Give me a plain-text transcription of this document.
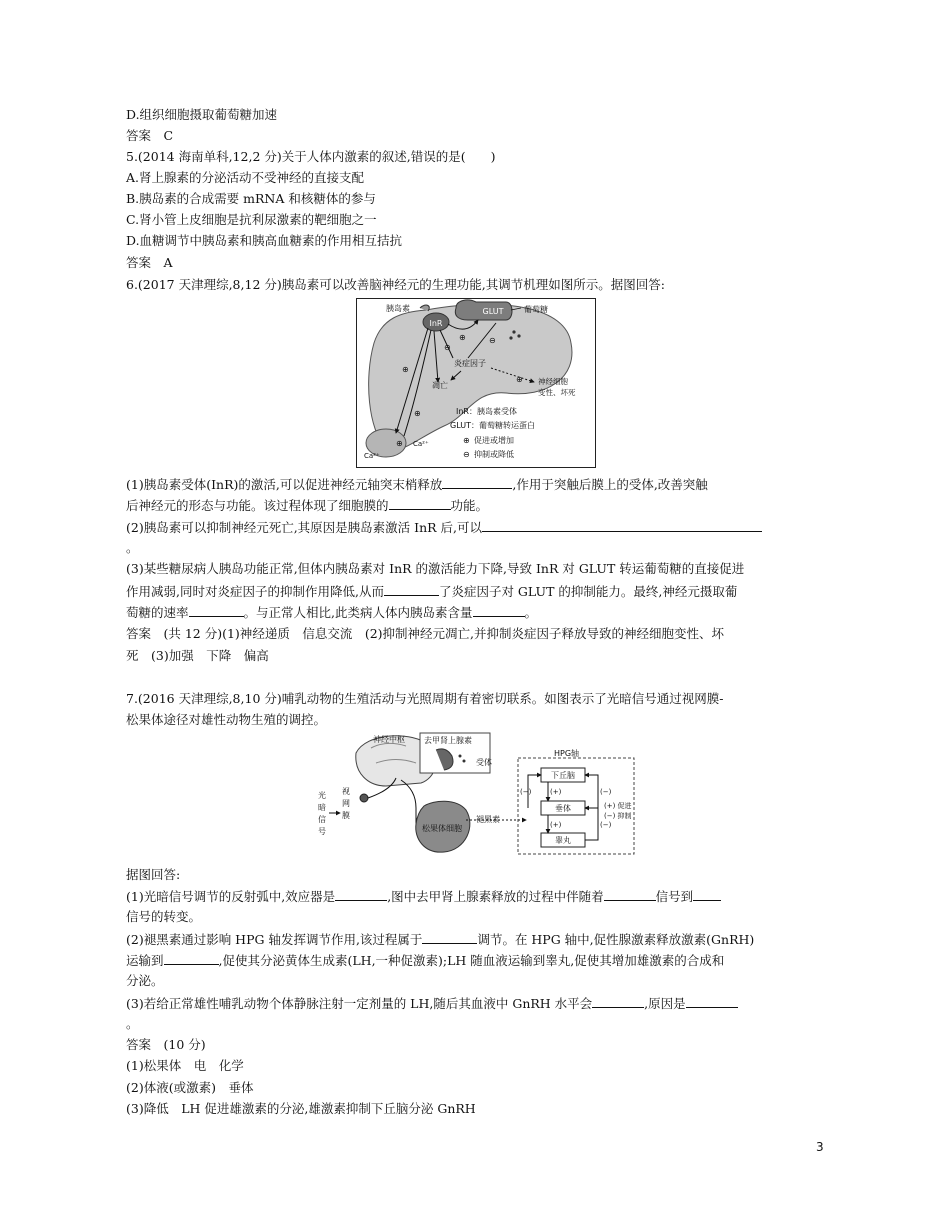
D.组织细胞摄取葡萄糖加速
答案　C
5.(2014 海南单科,12,2 分)关于人体内激素的叙述,错误的是(　　)
A.肾上腺素的分泌活动不受神经的直接支配
B.胰岛素的合成需要 mRNA 和核糖体的参与
C.肾小管上皮细胞是抗利尿激素的靶细胞之一
D.血糖调节中胰岛素和胰高血糖素的作用相互拮抗
答案　A
6.(2017 天津理综,8,12 分)胰岛素可以改善脑神经元的生理功能,其调节机理如图所示。据图回答:
InR
GLUT
胰岛素	葡萄糖
⊕	⊖
炎症因子
⊖
凋亡
⊕ 神经细胞
变性、坏死
⊕
⊕
Ca²⁺
Ca²⁺
⊕
InR：胰岛素受体
GLUT：葡萄糖转运蛋白
⊕ 促进或增加
⊖ 抑制或降低
(1)胰岛素受体(InR)的激活,可以促进神经元轴突末梢释放	,作用于突触后膜上的受体,改善突触
后神经元的形态与功能。该过程体现了细胞膜的	功能。
(2)胰岛素可以抑制神经元死亡,其原因是胰岛素激活 InR 后,可以
。
(3)某些糖尿病人胰岛功能正常,但体内胰岛素对 InR 的激活能力下降,导致 InR 对 GLUT 转运葡萄糖的直接促进
作用减弱,同时对炎症因子的抑制作用降低,从而	了炎症因子对 GLUT 的抑制能力。最终,神经元摄取葡
萄糖的速率	。与正常人相比,此类病人体内胰岛素含量	。
答案　(共 12 分)(1)神经递质　信息交流　(2)抑制神经元凋亡,并抑制炎症因子释放导致的神经细胞变性、坏
死　(3)加强　下降　偏高
7.(2016 天津理综,8,10 分)哺乳动物的生殖活动与光照周期有着密切联系。如图表示了光暗信号通过视网膜-
松果体途径对雄性动物生殖的调控。
神经中枢
光
暗
信
号
视
网
膜
去甲肾上腺素
受体
松果体细胞
褪黑素
HPG轴
下丘脑
垂体
睾丸
(+)
(+)
(−)
(−)
(−)
(+) 促进
(−) 抑制
据图回答:
(1)光暗信号调节的反射弧中,效应器是	,图中去甲肾上腺素释放的过程中伴随着	信号到
信号的转变。
(2)褪黑素通过影响 HPG 轴发挥调节作用,该过程属于	调节。在 HPG 轴中,促性腺激素释放激素(GnRH)
运输到	,促使其分泌黄体生成素(LH,一种促激素);LH 随血液运输到睾丸,促使其增加雄激素的合成和
分泌。
(3)若给正常雄性哺乳动物个体静脉注射一定剂量的 LH,随后其血液中 GnRH 水平会	,原因是
。
答案　(10 分)
(1)松果体　电　化学
(2)体液(或激素)　垂体
(3)降低　LH 促进雄激素的分泌,雄激素抑制下丘脑分泌 GnRH
3
